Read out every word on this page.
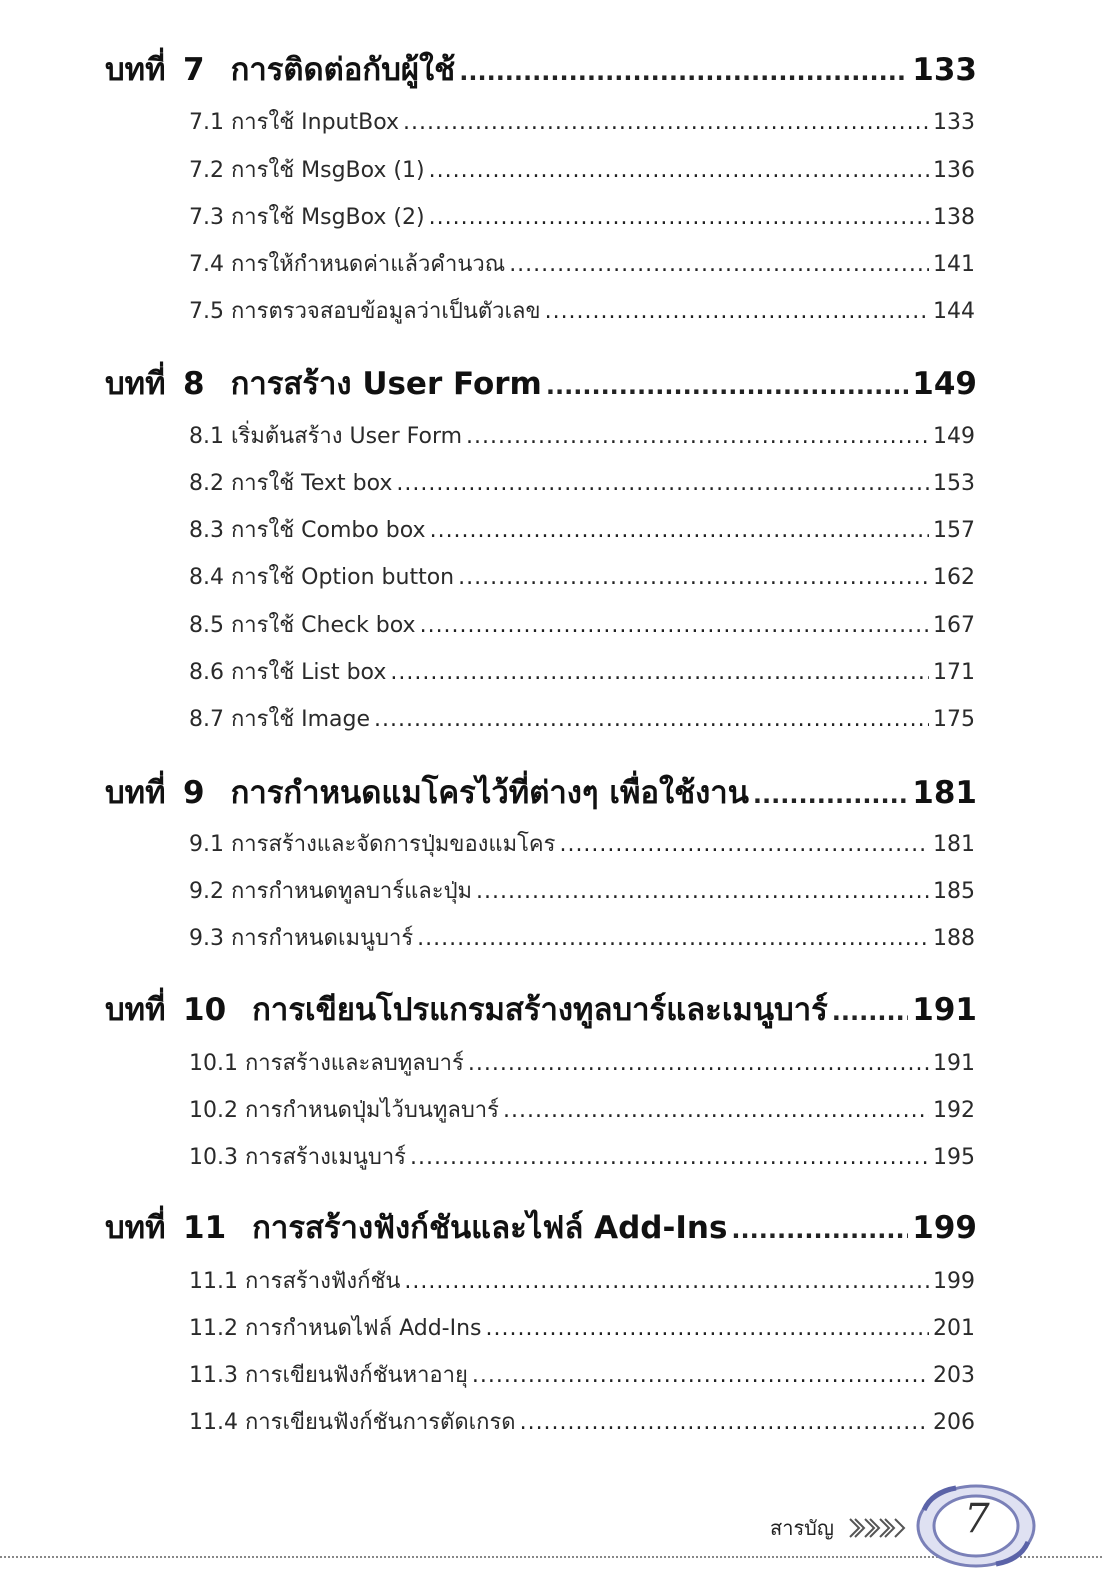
บทที่ 7 การติดต่อกับผู้ใช้ .....	133
7.1 การใช้ InputBox .....	133
7.2 การใช้ MsgBox (1) .....	136
7.3 การใช้ MsgBox (2) .....	138
7.4 การให้กำหนดค่าแล้วคำนวณ .....	141
7.5 การตรวจสอบข้อมูลว่าเป็นตัวเลข .....	144
บทที่ 8 การสร้าง User Form .....	149
8.1 เริ่มต้นสร้าง User Form .....	149
8.2 การใช้ Text box .....	153
8.3 การใช้ Combo box .....	157
8.4 การใช้ Option button .....	162
8.5 การใช้ Check box .....	167
8.6 การใช้ List box .....	171
8.7 การใช้ Image .....	175
บทที่ 9 การกำหนดแมโครไว้ที่ต่างๆ เพื่อใช้งาน .....	181
9.1 การสร้างและจัดการปุ่มของแมโคร .....	181
9.2 การกำหนดทูลบาร์และปุ่ม .....	185
9.3 การกำหนดเมนูบาร์ .....	188
บทที่ 10 การเขียนโปรแกรมสร้างทูลบาร์และเมนูบาร์ .....	191
10.1 การสร้างและลบทูลบาร์ .....	191
10.2 การกำหนดปุ่มไว้บนทูลบาร์ .....	192
10.3 การสร้างเมนูบาร์ .....	195
บทที่ 11 การสร้างฟังก์ชันและไฟล์ Add-Ins .....	199
11.1 การสร้างฟังก์ชัน .....	199
11.2 การกำหนดไฟล์ Add-Ins .....	201
11.3 การเขียนฟังก์ชันหาอายุ .....	203
11.4 การเขียนฟังก์ชันการตัดเกรด .....	206
สารบัญ	7
